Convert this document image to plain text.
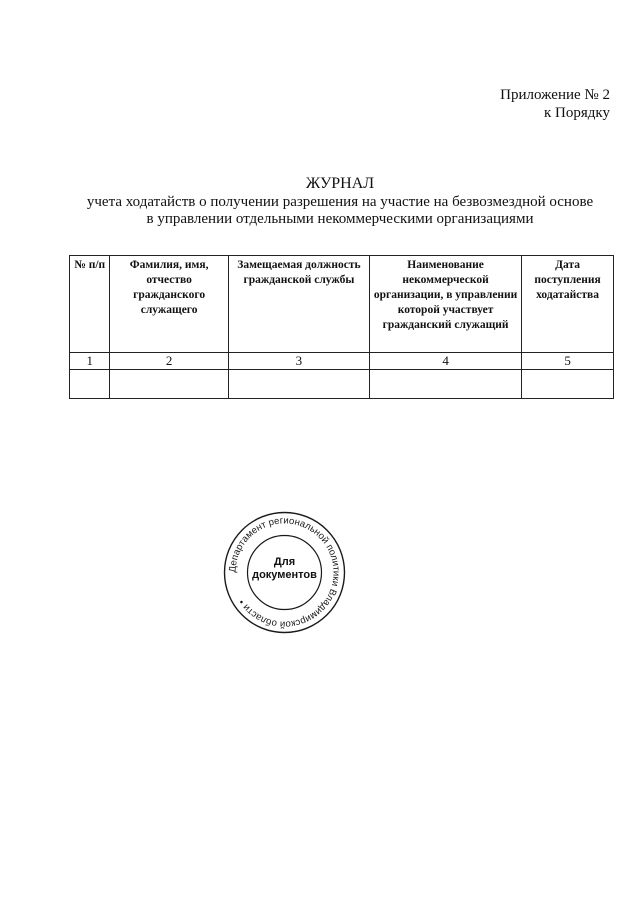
Приложение № 2
к Порядку
ЖУРНАЛ
учета ходатайств о получении разрешения на участие на безвозмездной основе
в управлении отдельными некоммерческими организациями
№ п/п	Фамилия, имя, отчество гражданского служащего	Замещаемая должность гражданской службы	Наименование некоммерческой организации, в управлении которой участвует гражданский служащий	Дата поступления ходатайства
1	2	3	4	5

Департамент региональной политики Владимирской области •
Для
документов
